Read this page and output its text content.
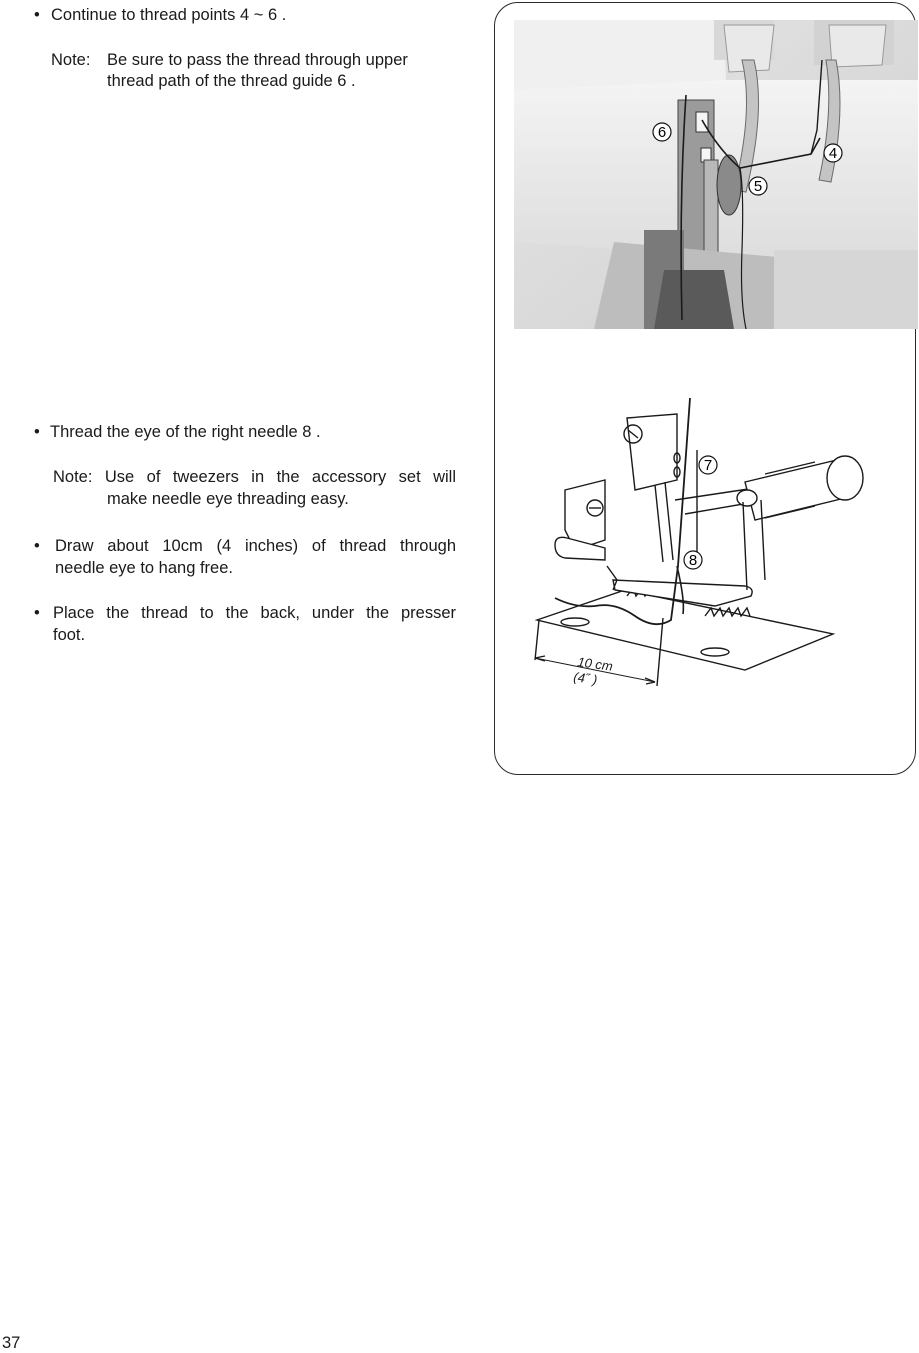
• Continue to thread points 4 ~ 6 .
Note: Be sure to pass the thread through upper
thread path of the thread guide 6 .
• Thread the eye of the right needle 8 .
Note: Use of tweezers in the accessory set will
make needle eye threading easy.
• Draw about 10cm (4 inches) of thread through
needle eye to hang free.
• Place the thread to the back, under the presser
foot.
37
6
4
5
7
8
10 cm
(4˝ )
